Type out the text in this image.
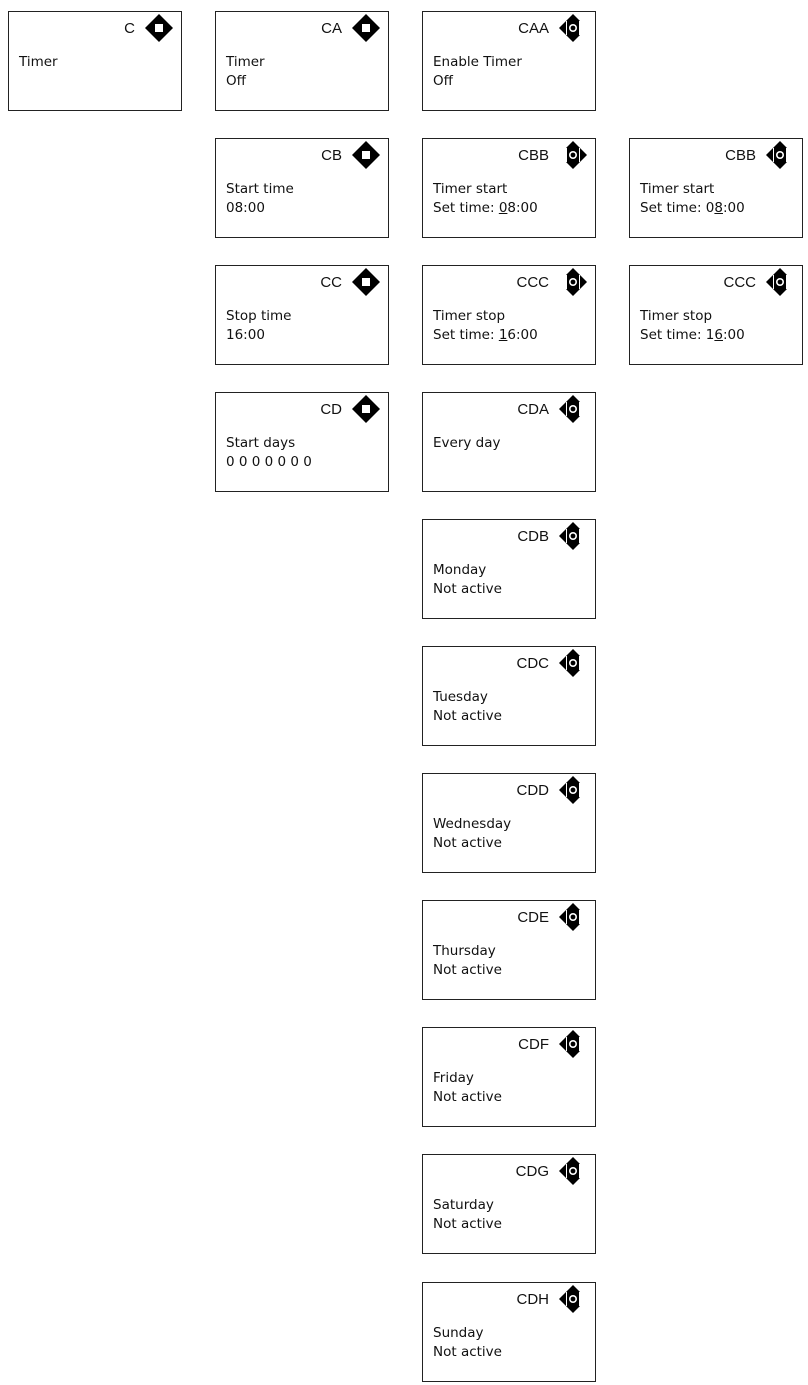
C
Timer
CA
Timer
Off
CAA
Enable Timer
Off
CB
Start time
08:00
CBB
Timer start
Set time: 08:00
CBB
Timer start
Set time: 08:00
CC
Stop time
16:00
CCC
Timer stop
Set time: 16:00
CCC
Timer stop
Set time: 16:00
CD
Start days
0 0 0 0 0 0 0
CDA
Every day
CDB
Monday
Not active
CDC
Tuesday
Not active
CDD
Wednesday
Not active
CDE
Thursday
Not active
CDF
Friday
Not active
CDG
Saturday
Not active
CDH
Sunday
Not active
